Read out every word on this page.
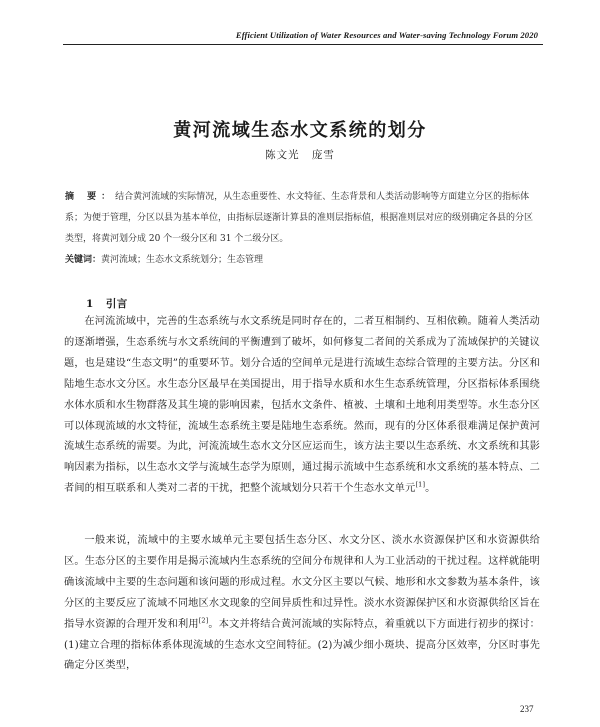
Efficient Utilization of Water Resources and Water-saving Technology Forum 2020
黄河流域生态水文系统的划分
陈文光 庞雪
摘 要：结合黄河流域的实际情况，从生态重要性、水文特征、生态背景和人类活动影响等方面建立分区的指标体系；为便于管理，分区以县为基本单位，由指标层逐渐计算县的准则层指标值，根据准则层对应的级别确定各县的分区类型，将黄河划分成 20 个一级分区和 31 个二级分区。
关键词：黄河流域；生态水文系统划分；生态管理
1 引言
在河流流域中，完善的生态系统与水文系统是同时存在的，二者互相制约、互相依赖。随着人类活动的逐渐增强，生态系统与水文系统间的平衡遭到了破坏，如何修复二者间的关系成为了流域保护的关键议题，也是建设“生态文明”的重要环节。划分合适的空间单元是进行流域生态综合管理的主要方法。分区和陆地生态水文分区。水生态分区最早在美国提出，用于指导水质和水生生态系统管理，分区指标体系围绕水体水质和水生物群落及其生境的影响因素，包括水文条件、植被、土壤和土地利用类型等。水生态分区可以体现流域的水文特征，流域生态系统主要是陆地生态系统。然而，现有的分区体系很难满足保护黄河流域生态系统的需要。为此，河流流域生态水文分区应运而生，该方法主要以生态系统、水文系统和其影响因素为指标，以生态水文学与流域生态学为原则，通过揭示流域中生态系统和水文系统的基本特点、二者间的相互联系和人类对二者的干扰，把整个流域划分只若干个生态水文单元[1]。
一般来说，流域中的主要水域单元主要包括生态分区、水文分区、淡水水资源保护区和水资源供给区。生态分区的主要作用是揭示流域内生态系统的空间分布规律和人为工业活动的干扰过程。这样就能明确该流域中主要的生态问题和该问题的形成过程。水文分区主要以气候、地形和水文参数为基本条件，该分区的主要反应了流域不同地区水文现象的空间异质性和过异性。淡水水资源保护区和水资源供给区旨在指导水资源的合理开发和利用[2]。本文并将结合黄河流域的实际特点，着重就以下方面进行初步的探讨：(1)建立合理的指标体系体现流域的生态水文空间特征。(2)为减少细小斑块、提高分区效率，分区时事先确定分区类型，
237
